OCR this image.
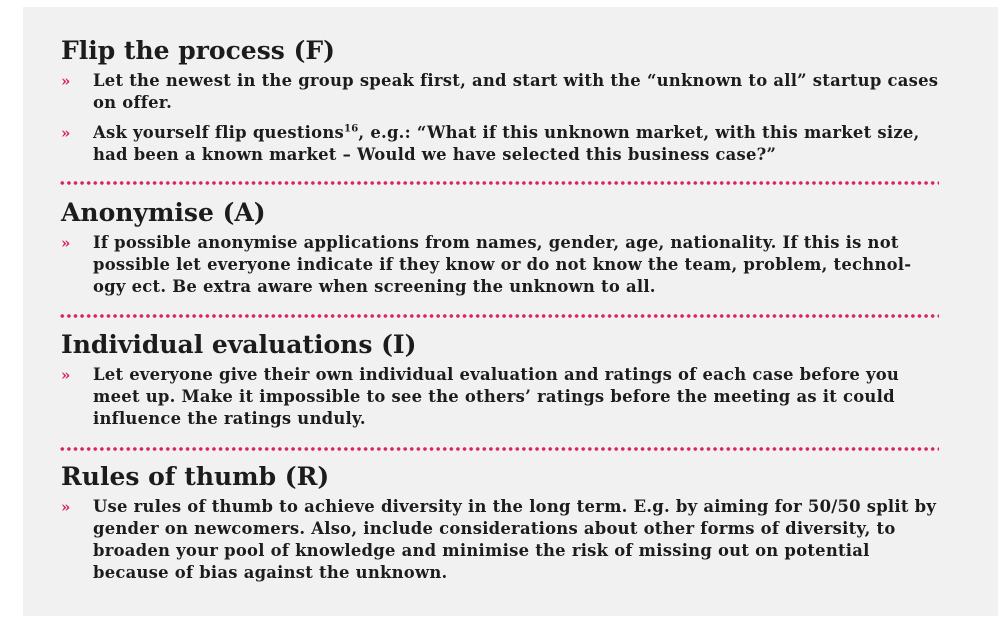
Flip the process (F)
» Let the newest in the group speak first, and start with the “unknown to all” startup cases on offer.
» Ask yourself flip questions$^{16}$, e.g.: “What if this unknown market, with this market size, had been a known market – Would we have selected this business case?”
Anonymise (A)
» If possible anonymise applications from names, gender, age, nationality. If this is not possible let everyone indicate if they know or do not know the team, problem, technol-ogy ect. Be extra aware when screening the unknown to all.
Individual evaluations (I)
» Let everyone give their own individual evaluation and ratings of each case before you meet up. Make it impossible to see the others’ ratings before the meeting as it could influence the ratings unduly.
Rules of thumb (R)
» Use rules of thumb to achieve diversity in the long term. E.g. by aiming for 50/50 split by gender on newcomers. Also, include considerations about other forms of diversity, to broaden your pool of knowledge and minimise the risk of missing out on potential because of bias against the unknown.
